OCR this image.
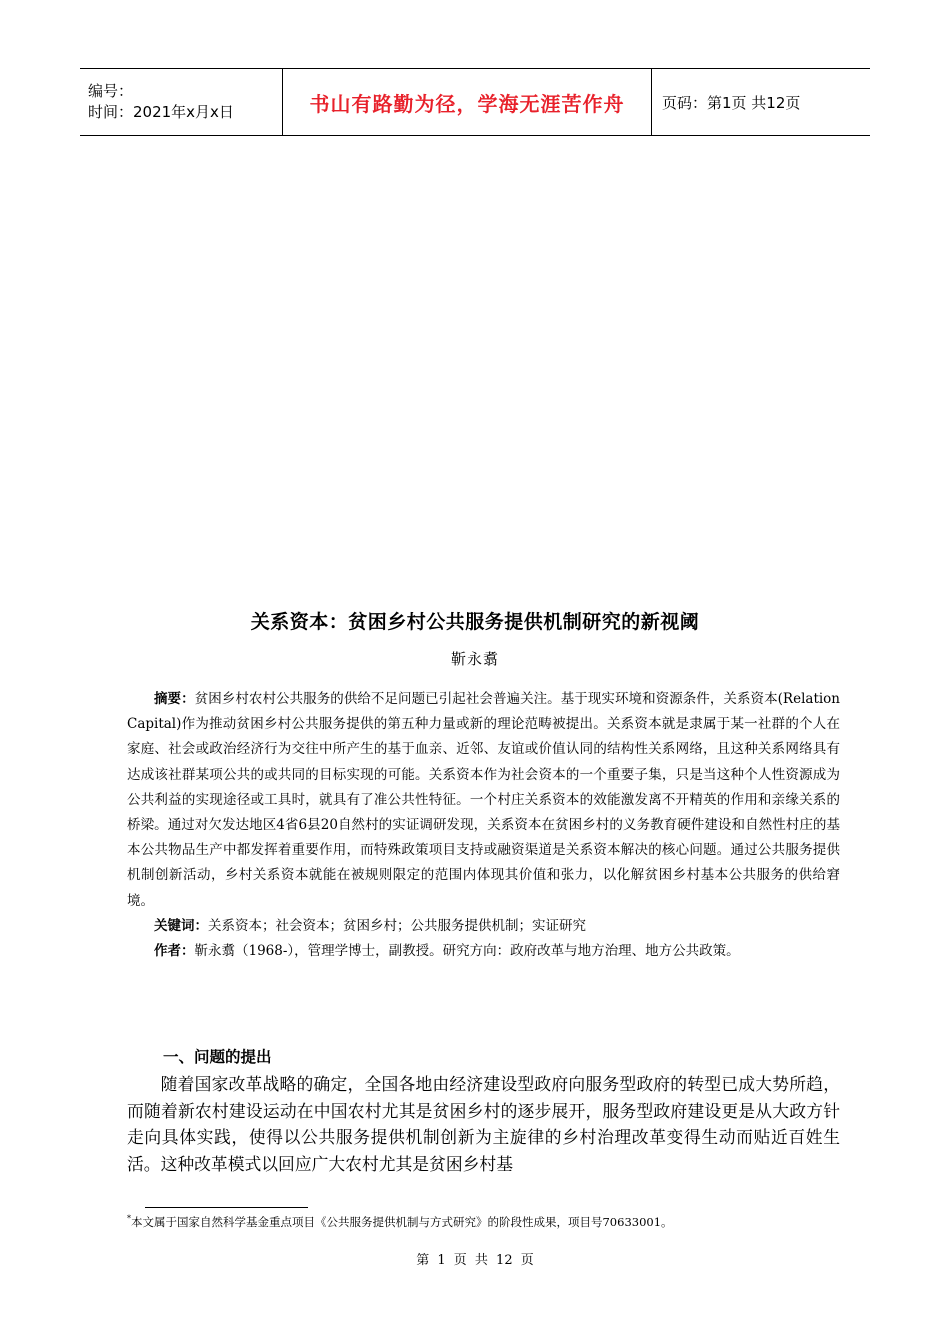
编号：
时间：2021年x月x日	书山有路勤为径，学海无涯苦作舟	页码：第1页 共12页
关系资本：贫困乡村公共服务提供机制研究的新视阈
靳永翥

摘要：贫困乡村农村公共服务的供给不足问题已引起社会普遍关注。基于现实环境和资源条件，关系资本(Relation Capital)作为推动贫困乡村公共服务提供的第五种力量或新的理论范畴被提出。关系资本就是隶属于某一社群的个人在家庭、社会或政治经济行为交往中所产生的基于血亲、近邻、友谊或价值认同的结构性关系网络，且这种关系网络具有达成该社群某项公共的或共同的目标实现的可能。关系资本作为社会资本的一个重要子集，只是当这种个人性资源成为公共利益的实现途径或工具时，就具有了准公共性特征。一个村庄关系资本的效能激发离不开精英的作用和亲缘关系的桥梁。通过对欠发达地区4省6县20自然村的实证调研发现，关系资本在贫困乡村的义务教育硬件建设和自然性村庄的基本公共物品生产中都发挥着重要作用，而特殊政策项目支持或融资渠道是关系资本解决的核心问题。通过公共服务提供机制创新活动，乡村关系资本就能在被规则限定的范围内体现其价值和张力，以化解贫困乡村基本公共服务的供给窘境。

关键词：关系资本；社会资本；贫困乡村；公共服务提供机制；实证研究

作者：靳永翥（1968-），管理学博士，副教授。研究方向：政府改革与地方治理、地方公共政策。

一、问题的提出

随着国家改革战略的确定，全国各地由经济建设型政府向服务型政府的转型已成大势所趋，而随着新农村建设运动在中国农村尤其是贫困乡村的逐步展开，服务型政府建设更是从大政方针走向具体实践，使得以公共服务提供机制创新为主旋律的乡村治理改革变得生动而贴近百姓生活。这种改革模式以回应广大农村尤其是贫困乡村基

*本文属于国家自然科学基金重点项目《公共服务提供机制与方式研究》的阶段性成果，项目号70633001。
第 1 页 共 12 页
